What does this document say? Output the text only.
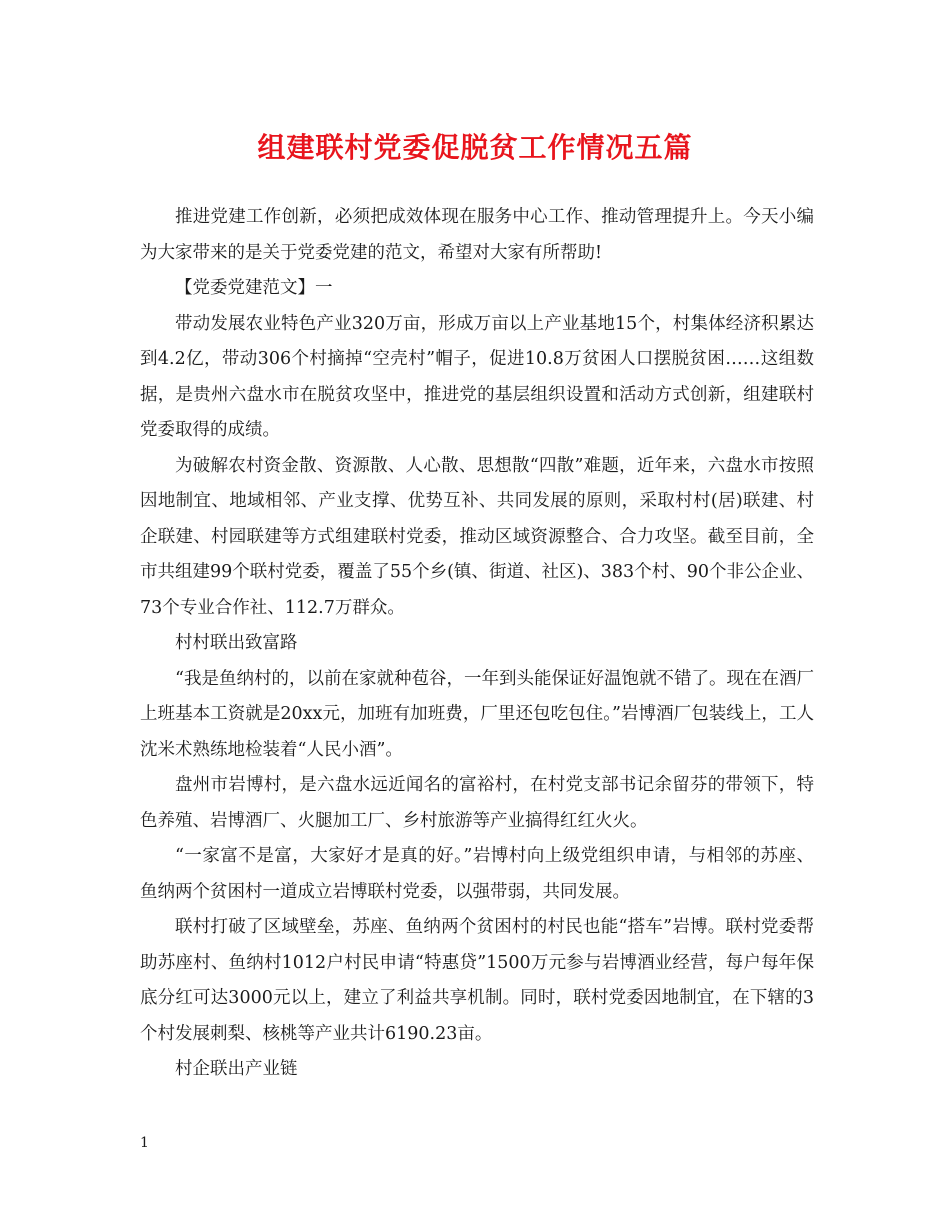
组建联村党委促脱贫工作情况五篇

推进党建工作创新，必须把成效体现在服务中心工作、推动管理提升上。今天小编为大家带来的是关于党委党建的范文，希望对大家有所帮助!

【党委党建范文】一

带动发展农业特色产业320万亩，形成万亩以上产业基地15个，村集体经济积累达到4.2亿，带动306个村摘掉“空壳村”帽子，促进10.8万贫困人口摆脱贫困……这组数据，是贵州六盘水市在脱贫攻坚中，推进党的基层组织设置和活动方式创新，组建联村党委取得的成绩。

为破解农村资金散、资源散、人心散、思想散“四散”难题，近年来，六盘水市按照因地制宜、地域相邻、产业支撑、优势互补、共同发展的原则，采取村村(居)联建、村企联建、村园联建等方式组建联村党委，推动区域资源整合、合力攻坚。截至目前，全市共组建99个联村党委，覆盖了55个乡(镇、街道、社区)、383个村、90个非公企业、73个专业合作社、112.7万群众。

村村联出致富路

“我是鱼纳村的，以前在家就种苞谷，一年到头能保证好温饱就不错了。现在在酒厂上班基本工资就是20xx元，加班有加班费，厂里还包吃包住。”岩博酒厂包装线上，工人沈米术熟练地检装着“人民小酒”。

盘州市岩博村，是六盘水远近闻名的富裕村，在村党支部书记余留芬的带领下，特色养殖、岩博酒厂、火腿加工厂、乡村旅游等产业搞得红红火火。

“一家富不是富，大家好才是真的好。”岩博村向上级党组织申请，与相邻的苏座、鱼纳两个贫困村一道成立岩博联村党委，以强带弱，共同发展。

联村打破了区域壁垒，苏座、鱼纳两个贫困村的村民也能“搭车”岩博。联村党委帮助苏座村、鱼纳村1012户村民申请“特惠贷”1500万元参与岩博酒业经营，每户每年保底分红可达3000元以上，建立了利益共享机制。同时，联村党委因地制宜，在下辖的3个村发展刺梨、核桃等产业共计6190.23亩。

村企联出产业链

1
